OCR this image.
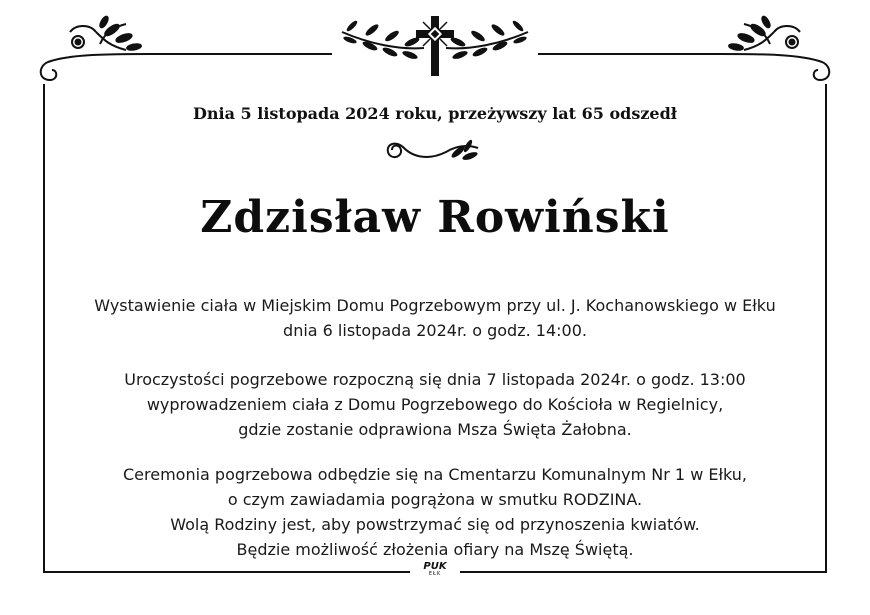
Dnia 5 listopada 2024 roku, przeżywszy lat 65 odszedł
Zdzisław Rowiński
Wystawienie ciała w Miejskim Domu Pogrzebowym przy ul. J. Kochanowskiego w Ełku
dnia 6 listopada 2024r. o godz. 14:00.
Uroczystości pogrzebowe rozpoczną się dnia 7 listopada 2024r. o godz. 13:00
wyprowadzeniem ciała z Domu Pogrzebowego do Kościoła w Regielnicy,
gdzie zostanie odprawiona Msza Święta Żałobna.
Ceremonia pogrzebowa odbędzie się na Cmentarzu Komunalnym Nr 1 w Ełku,
o czym zawiadamia pogrążona w smutku RODZINA.
Wolą Rodziny jest, aby powstrzymać się od przynoszenia kwiatów.
Będzie możliwość złożenia ofiary na Mszę Świętą.
PUK
EŁK
